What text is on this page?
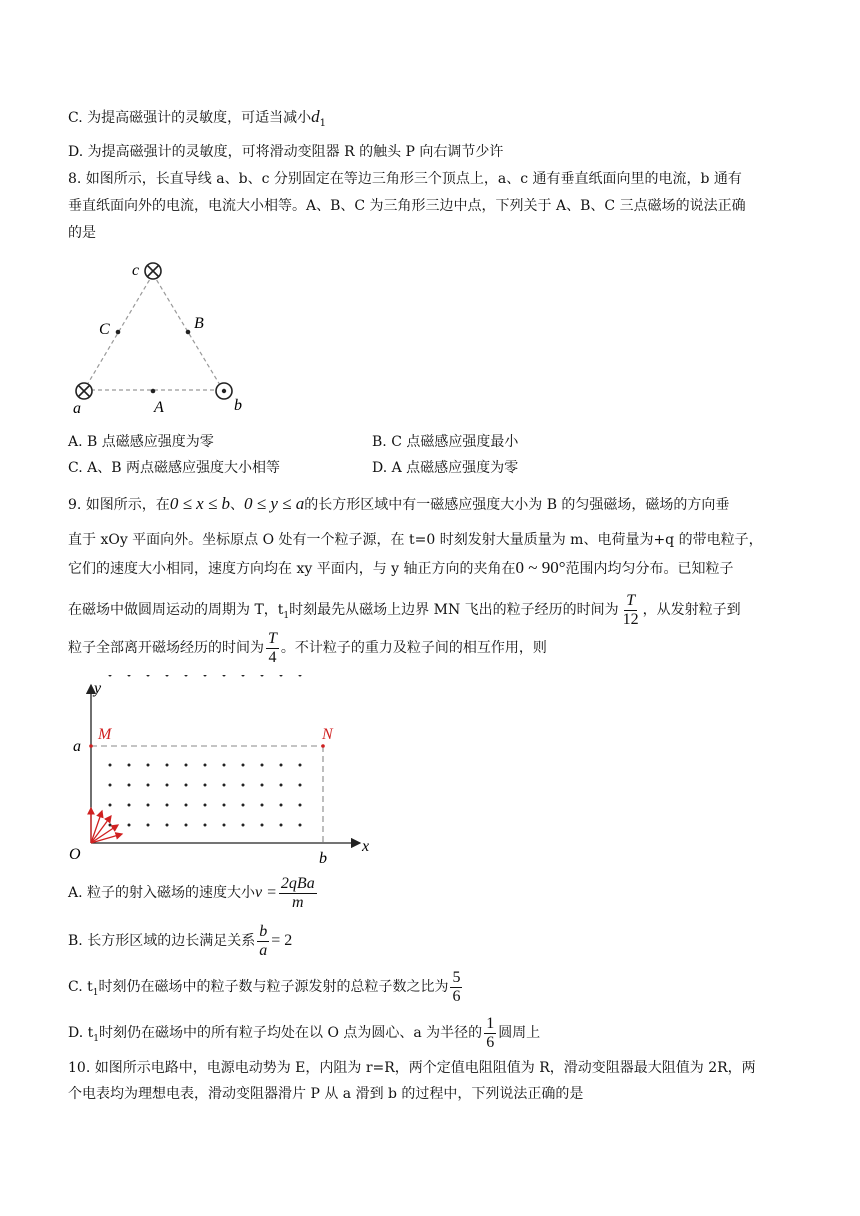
C. 为提高磁强计的灵敏度，可适当减小$d_1$
D. 为提高磁强计的灵敏度，可将滑动变阻器 R 的触头 P 向右调节少许
8. 如图所示，长直导线 a、b、c 分别固定在等边三角形三个顶点上，a、c 通有垂直纸面向里的电流，b 通有
垂直纸面向外的电流，电流大小相等。A、B、C 为三角形三边中点，下列关于 A、B、C 三点磁场的说法正确
的是
c
C	B
a	A	b
A. B 点磁感应强度为零	B. C 点磁感应强度最小
C. A、B 两点磁感应强度大小相等	D. A 点磁感应强度为零
9. 如图所示，在0 ≤ x ≤ b、0 ≤ y ≤ a的长方形区域中有一磁感应强度大小为 B 的匀强磁场，磁场的方向垂
直于 xOy 平面向外。坐标原点 O 处有一个粒子源，在 t=0 时刻发射大量质量为 m、电荷量为+q 的带电粒子，
它们的速度大小相同，速度方向均在 xy 平面内，与 y 轴正方向的夹角在0 ~ 90°范围内均匀分布。已知粒子
在磁场中做圆周运动的周期为 T，$t_1$时刻最先从磁场上边界 MN 飞出的粒子经历的时间为 $\frac{T}{12}$ ，从发射粒子到
粒子全部离开磁场经历的时间为 $\frac{T}{4}$ 。不计粒子的重力及粒子间的相互作用，则
y
a
M	N
O	b
x
A. 粒子的射入磁场的速度大小$v = \frac{\text{2qBa}}{m}$
B. 长方形区域的边长满足关系 $\frac{b}{a} = 2$
C. $t_1$时刻仍在磁场中的粒子数与粒子源发射的总粒子数之比为 $\frac{5}{6}$
D. $t_1$时刻仍在磁场中的所有粒子均处在以 O 点为圆心、a 为半径的 $\frac{1}{6}$ 圆周上
10. 如图所示电路中，电源电动势为 E，内阻为 r=R，两个定值电阻阻值为 R，滑动变阻器最大阻值为 2R，两
个电表均为理想电表，滑动变阻器滑片 P 从 a 滑到 b 的过程中，下列说法正确的是
